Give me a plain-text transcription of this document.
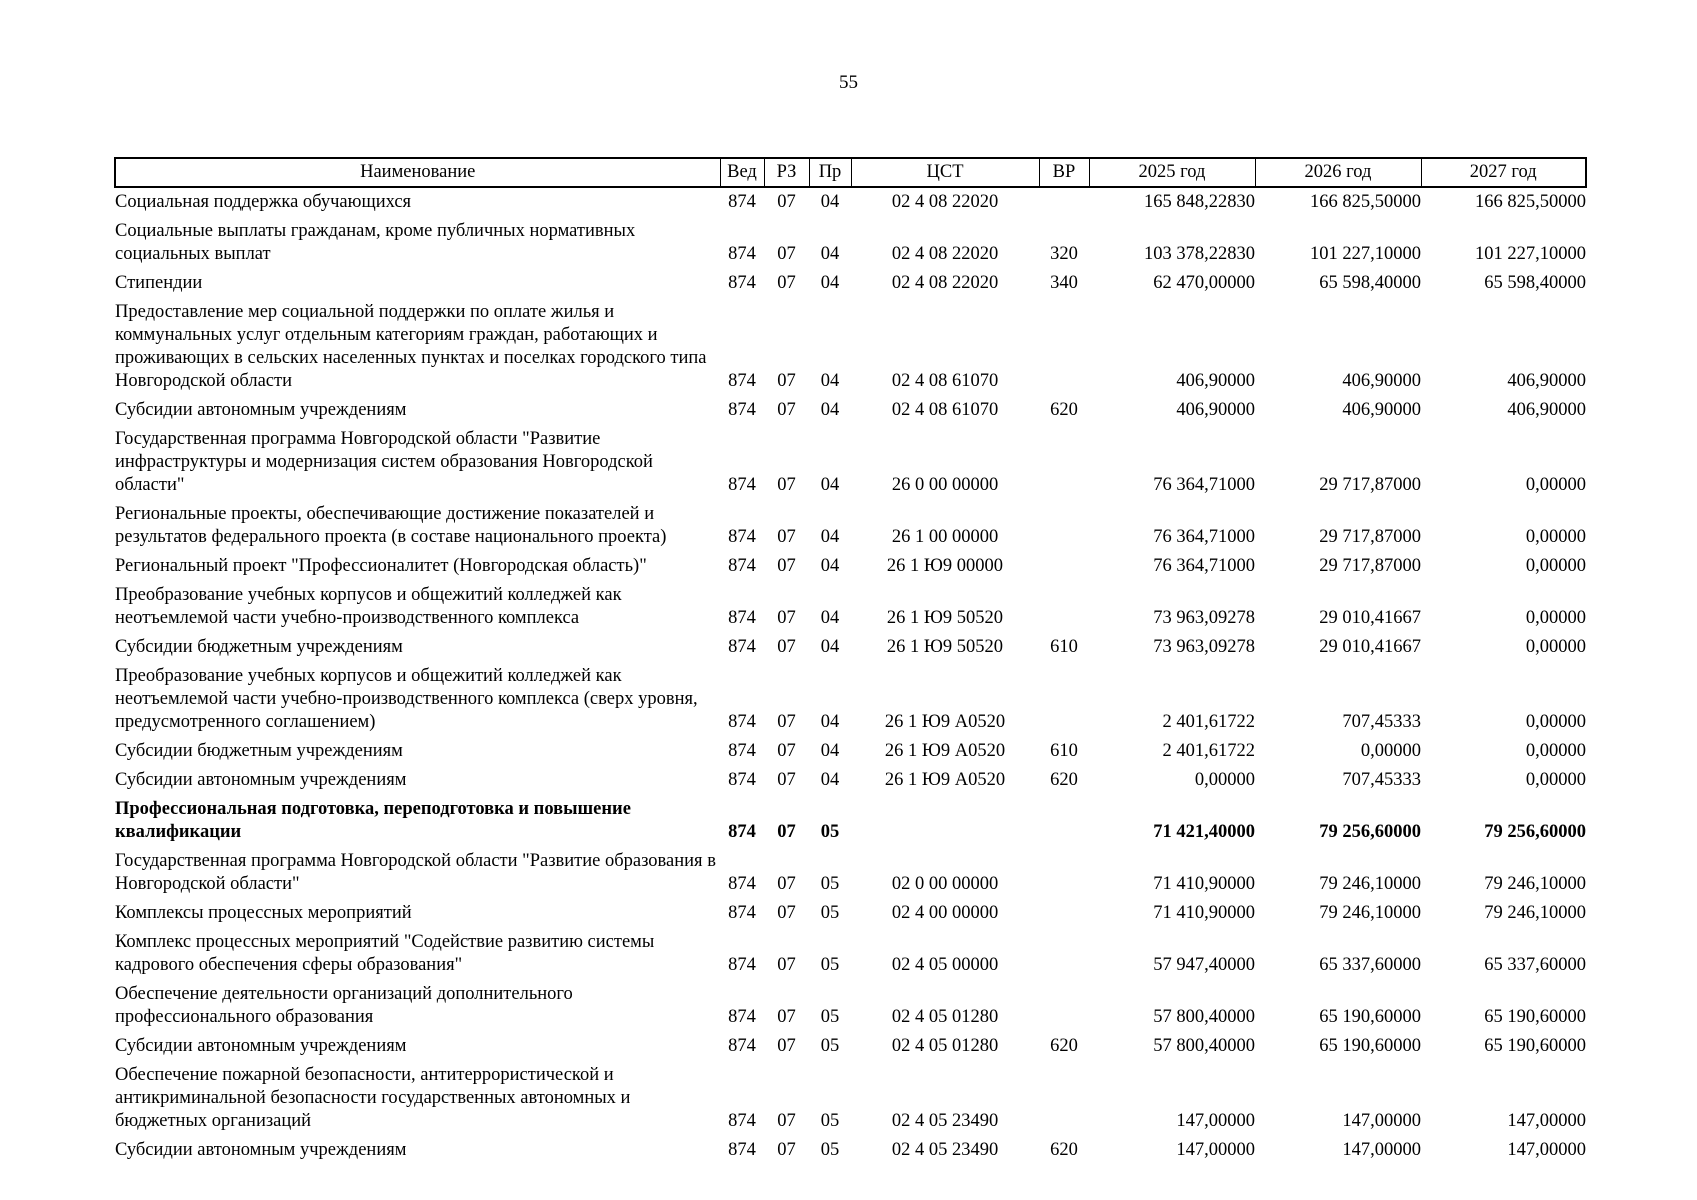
55
Наименование	Вед	РЗ	Пр	ЦСТ	ВР	2025 год	2026 год	2027 год
Социальная поддержка обучающихся	874	07	04	02 4 08 22020		165 848,22830	166 825,50000	166 825,50000
Социальные выплаты гражданам, кроме публичных нормативных социальных выплат	874	07	04	02 4 08 22020	320	103 378,22830	101 227,10000	101 227,10000
Стипендии	874	07	04	02 4 08 22020	340	62 470,00000	65 598,40000	65 598,40000
Предоставление мер социальной поддержки по оплате жилья и коммунальных услуг отдельным категориям граждан, работающих и проживающих в сельских населенных пунктах и поселках городского типа Новгородской области	874	07	04	02 4 08 61070		406,90000	406,90000	406,90000
Субсидии автономным учреждениям	874	07	04	02 4 08 61070	620	406,90000	406,90000	406,90000
Государственная программа Новгородской области "Развитие инфраструктуры и модернизация систем образования Новгородской области"	874	07	04	26 0 00 00000		76 364,71000	29 717,87000	0,00000
Региональные проекты, обеспечивающие достижение показателей и результатов федерального проекта (в составе национального проекта)	874	07	04	26 1 00 00000		76 364,71000	29 717,87000	0,00000
Региональный проект "Профессионалитет (Новгородская область)"	874	07	04	26 1 Ю9 00000		76 364,71000	29 717,87000	0,00000
Преобразование учебных корпусов и общежитий колледжей как неотъемлемой части учебно-производственного комплекса	874	07	04	26 1 Ю9 50520		73 963,09278	29 010,41667	0,00000
Субсидии бюджетным учреждениям	874	07	04	26 1 Ю9 50520	610	73 963,09278	29 010,41667	0,00000
Преобразование учебных корпусов и общежитий колледжей как неотъемлемой части учебно-производственного комплекса (сверх уровня, предусмотренного соглашением)	874	07	04	26 1 Ю9 А0520		2 401,61722	707,45333	0,00000
Субсидии бюджетным учреждениям	874	07	04	26 1 Ю9 А0520	610	2 401,61722	0,00000	0,00000
Субсидии автономным учреждениям	874	07	04	26 1 Ю9 А0520	620	0,00000	707,45333	0,00000
Профессиональная подготовка, переподготовка и повышение квалификации	874	07	05			71 421,40000	79 256,60000	79 256,60000
Государственная программа Новгородской области "Развитие образования в Новгородской области"	874	07	05	02 0 00 00000		71 410,90000	79 246,10000	79 246,10000
Комплексы процессных мероприятий	874	07	05	02 4 00 00000		71 410,90000	79 246,10000	79 246,10000
Комплекс процессных мероприятий "Содействие развитию системы кадрового обеспечения сферы образования"	874	07	05	02 4 05 00000		57 947,40000	65 337,60000	65 337,60000
Обеспечение деятельности организаций дополнительного профессионального образования	874	07	05	02 4 05 01280		57 800,40000	65 190,60000	65 190,60000
Субсидии автономным учреждениям	874	07	05	02 4 05 01280	620	57 800,40000	65 190,60000	65 190,60000
Обеспечение пожарной безопасности, антитеррористической и антикриминальной безопасности государственных автономных и бюджетных организаций	874	07	05	02 4 05 23490		147,00000	147,00000	147,00000
Субсидии автономным учреждениям	874	07	05	02 4 05 23490	620	147,00000	147,00000	147,00000
